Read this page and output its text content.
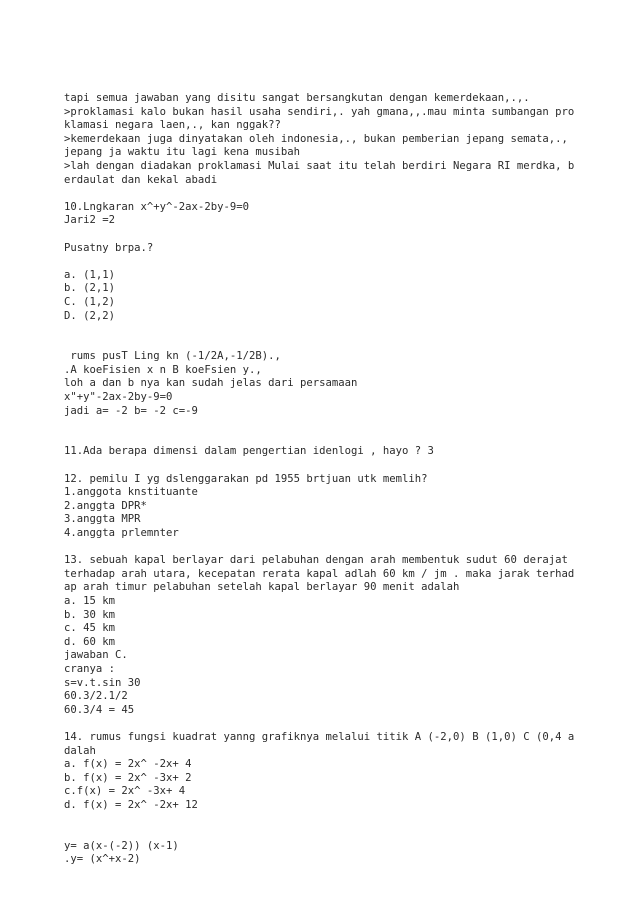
tapi semua jawaban yang disitu sangat bersangkutan dengan kemerdekaan,.,.
>proklamasi kalo bukan hasil usaha sendiri,. yah gmana,,.mau minta sumbangan pro
klamasi negara laen,., kan nggak??
>kemerdekaan juga dinyatakan oleh indonesia,., bukan pemberian jepang semata,.,
jepang ja waktu itu lagi kena musibah
>lah dengan diadakan proklamasi Mulai saat itu telah berdiri Negara RI merdka, b
erdaulat dan kekal abadi
10.Lngkaran x^+y^-2ax-2by-9=0
Jari2 =2
Pusatny brpa.?
a. (1,1)
b. (2,1)
C. (1,2)
D. (2,2)
rums pusT Ling kn (-1/2A,-1/2B).,
.A koeFisien x n B koeFsien y.,
loh a dan b nya kan sudah jelas dari persamaan
x"+y"-2ax-2by-9=0
jadi a= -2 b= -2 c=-9
11.Ada berapa dimensi dalam pengertian idenlogi , hayo ? 3
12. pemilu I yg dslenggarakan pd 1955 brtjuan utk memlih?
1.anggota knstituante
2.anggta DPR*
3.anggta MPR
4.anggta prlemnter
13. sebuah kapal berlayar dari pelabuhan dengan arah membentuk sudut 60 derajat
terhadap arah utara, kecepatan rerata kapal adlah 60 km / jm . maka jarak terhad
ap arah timur pelabuhan setelah kapal berlayar 90 menit adalah
a. 15 km
b. 30 km
c. 45 km
d. 60 km
jawaban C.
cranya :
s=v.t.sin 30
60.3/2.1/2
60.3/4 = 45
14. rumus fungsi kuadrat yanng grafiknya melalui titik A (-2,0) B (1,0) C (0,4 a
dalah
a. f(x) = 2x^ -2x+ 4
b. f(x) = 2x^ -3x+ 2
c.f(x) = 2x^ -3x+ 4
d. f(x) = 2x^ -2x+ 12
y= a(x-(-2)) (x-1)
.y= (x^+x-2)
